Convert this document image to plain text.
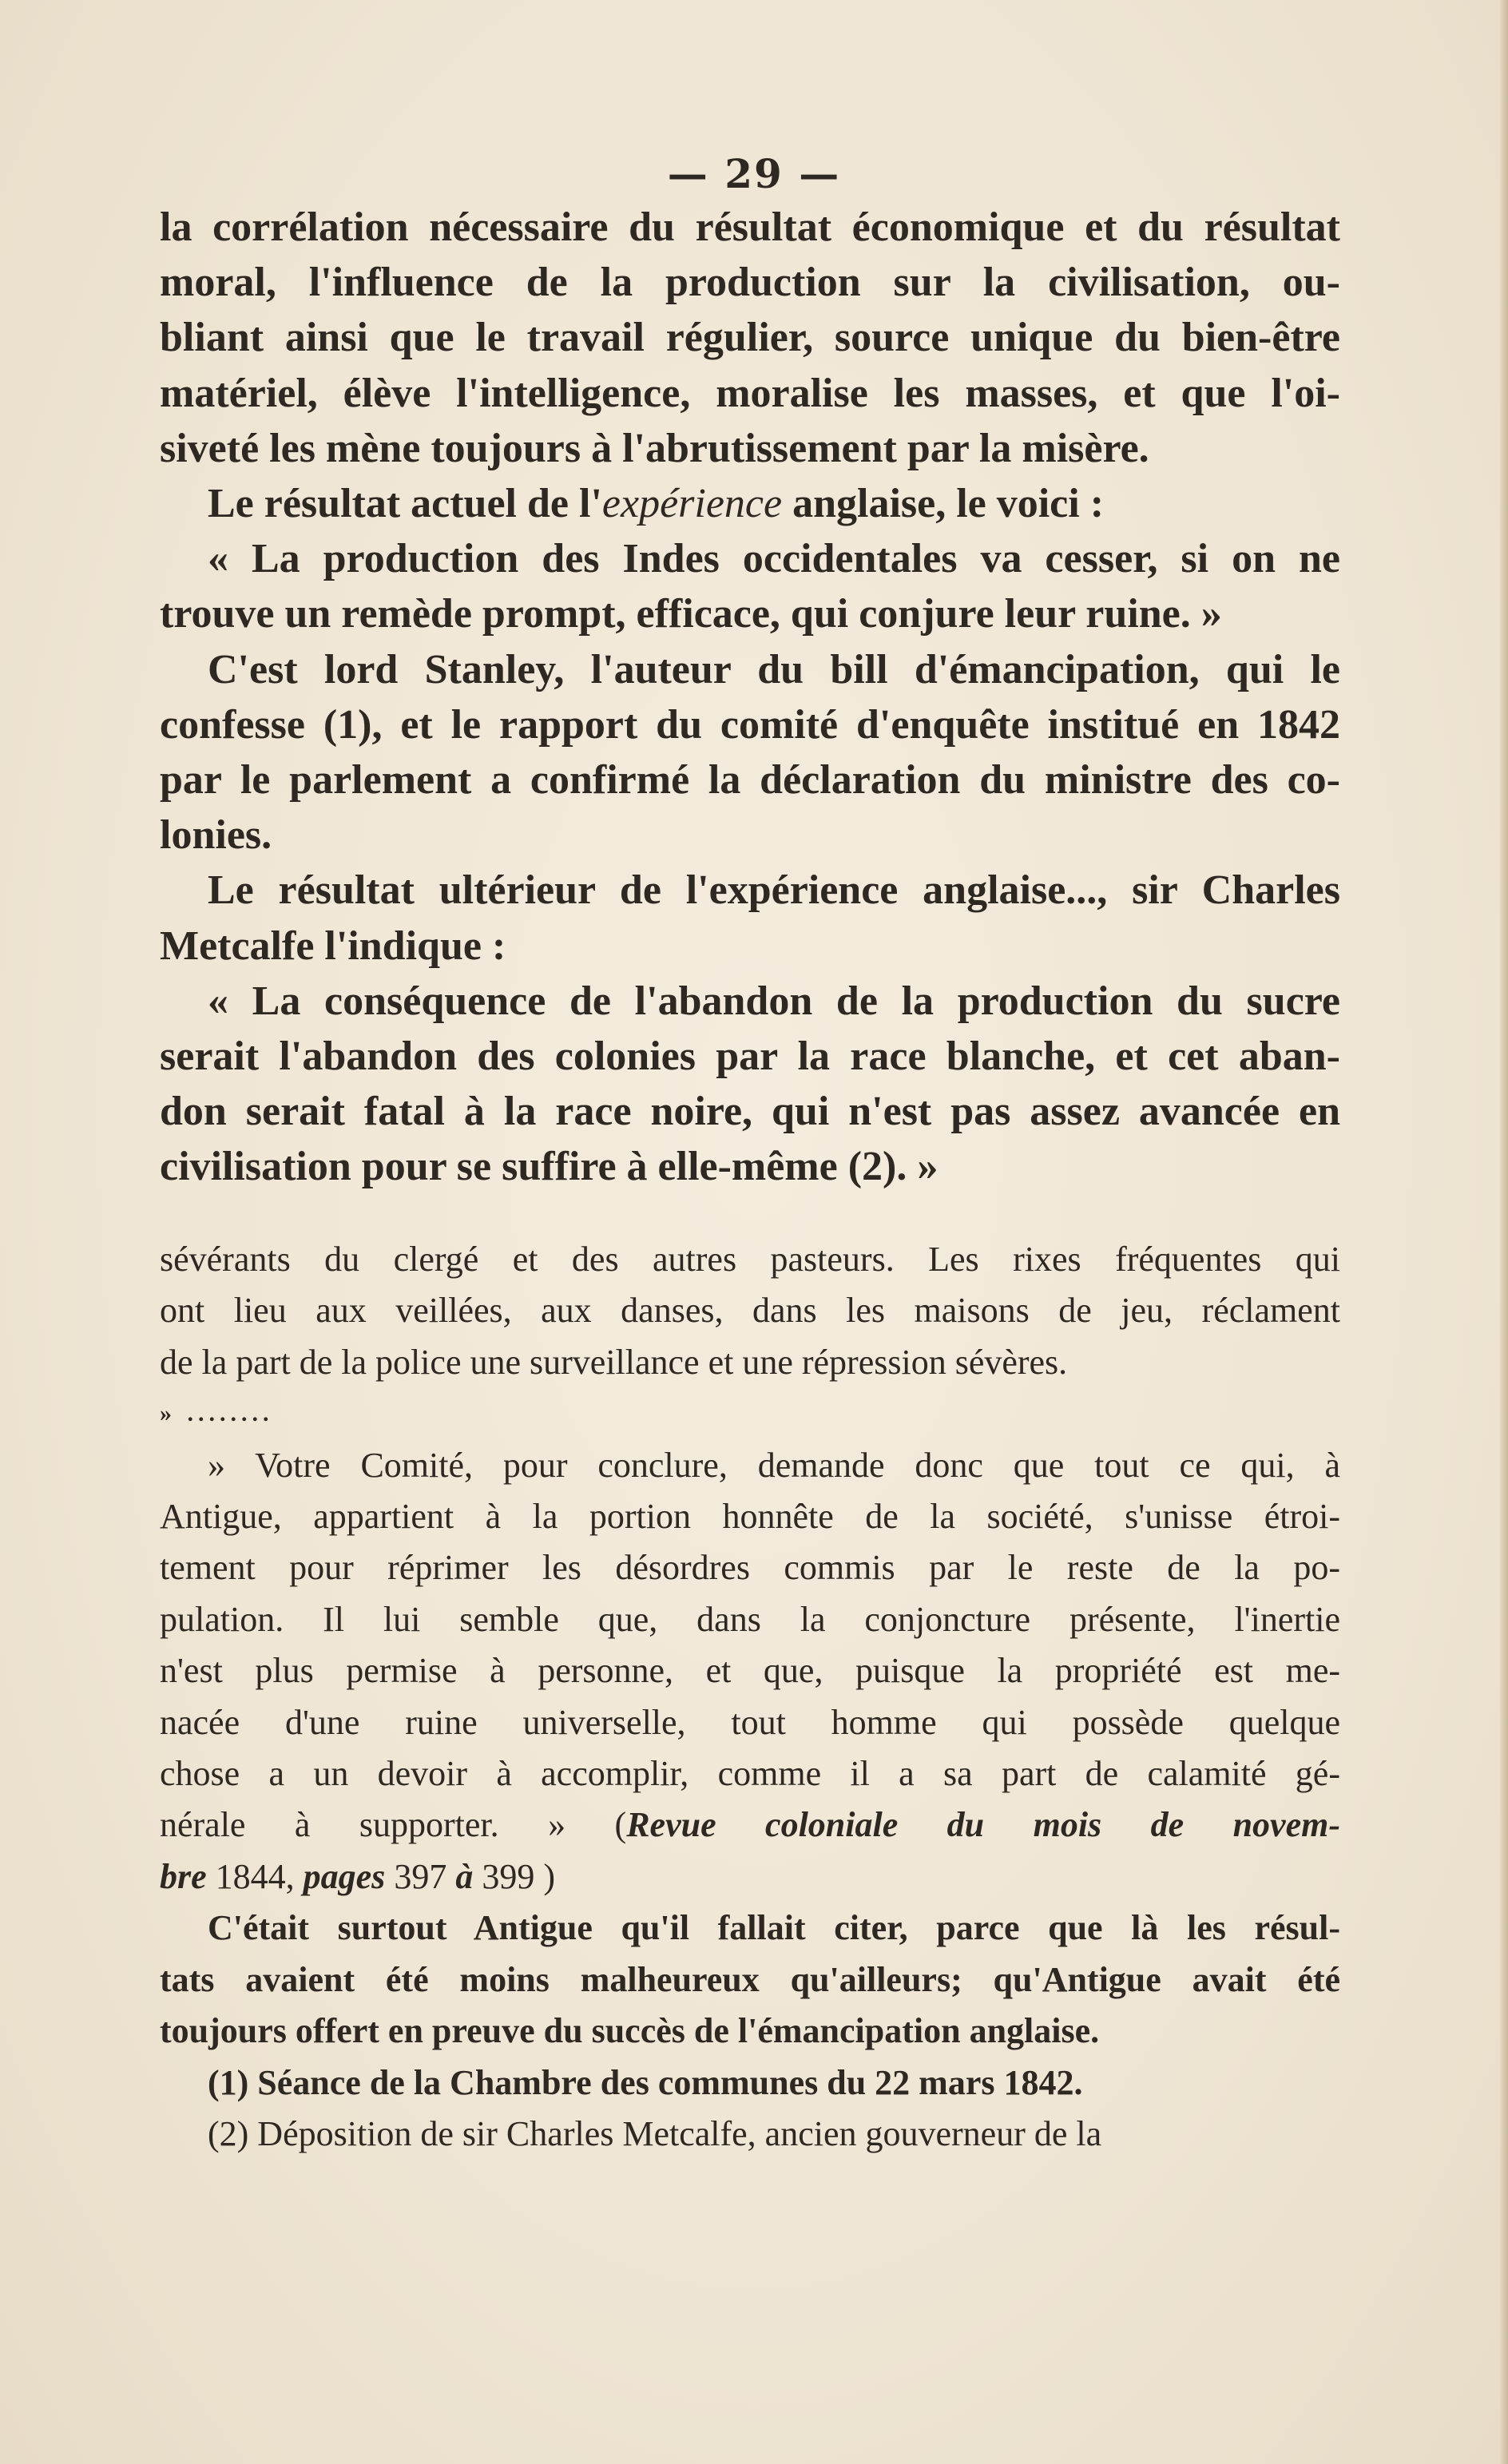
— 29 —
la corrélation nécessaire du résultat économique et du résultat
moral, l'influence de la production sur la civilisation, ou-
bliant ainsi que le travail régulier, source unique du bien-être
matériel, élève l'intelligence, moralise les masses, et que l'oi-
siveté les mène toujours à l'abrutissement par la misère.
Le résultat actuel de l'expérience anglaise, le voici :
« La production des Indes occidentales va cesser, si on ne
trouve un remède prompt, efficace, qui conjure leur ruine. »
C'est lord Stanley, l'auteur du bill d'émancipation, qui le
confesse (1), et le rapport du comité d'enquête institué en 1842
par le parlement a confirmé la déclaration du ministre des co-
lonies.
Le résultat ultérieur de l'expérience anglaise..., sir Charles
Metcalfe l'indique :
« La conséquence de l'abandon de la production du sucre
serait l'abandon des colonies par la race blanche, et cet aban-
don serait fatal à la race noire, qui n'est pas assez avancée en
civilisation pour se suffire à elle-même (2). »
sévérants du clergé et des autres pasteurs. Les rixes fréquentes qui
ont lieu aux veillées, aux danses, dans les maisons de jeu, réclament
de la part de la police une surveillance et une répression sévères.
» ........
» Votre Comité, pour conclure, demande donc que tout ce qui, à
Antigue, appartient à la portion honnête de la société, s'unisse étroi-
tement pour réprimer les désordres commis par le reste de la po-
pulation. Il lui semble que, dans la conjoncture présente, l'inertie
n'est plus permise à personne, et que, puisque la propriété est me-
nacée d'une ruine universelle, tout homme qui possède quelque
chose a un devoir à accomplir, comme il a sa part de calamité gé-
nérale à supporter. » (Revue coloniale du mois de novem-
bre 1844, pages 397 à 399 )
C'était surtout Antigue qu'il fallait citer, parce que là les résul-
tats avaient été moins malheureux qu'ailleurs; qu'Antigue avait été
toujours offert en preuve du succès de l'émancipation anglaise.
(1) Séance de la Chambre des communes du 22 mars 1842.
(2) Déposition de sir Charles Metcalfe, ancien gouverneur de la
